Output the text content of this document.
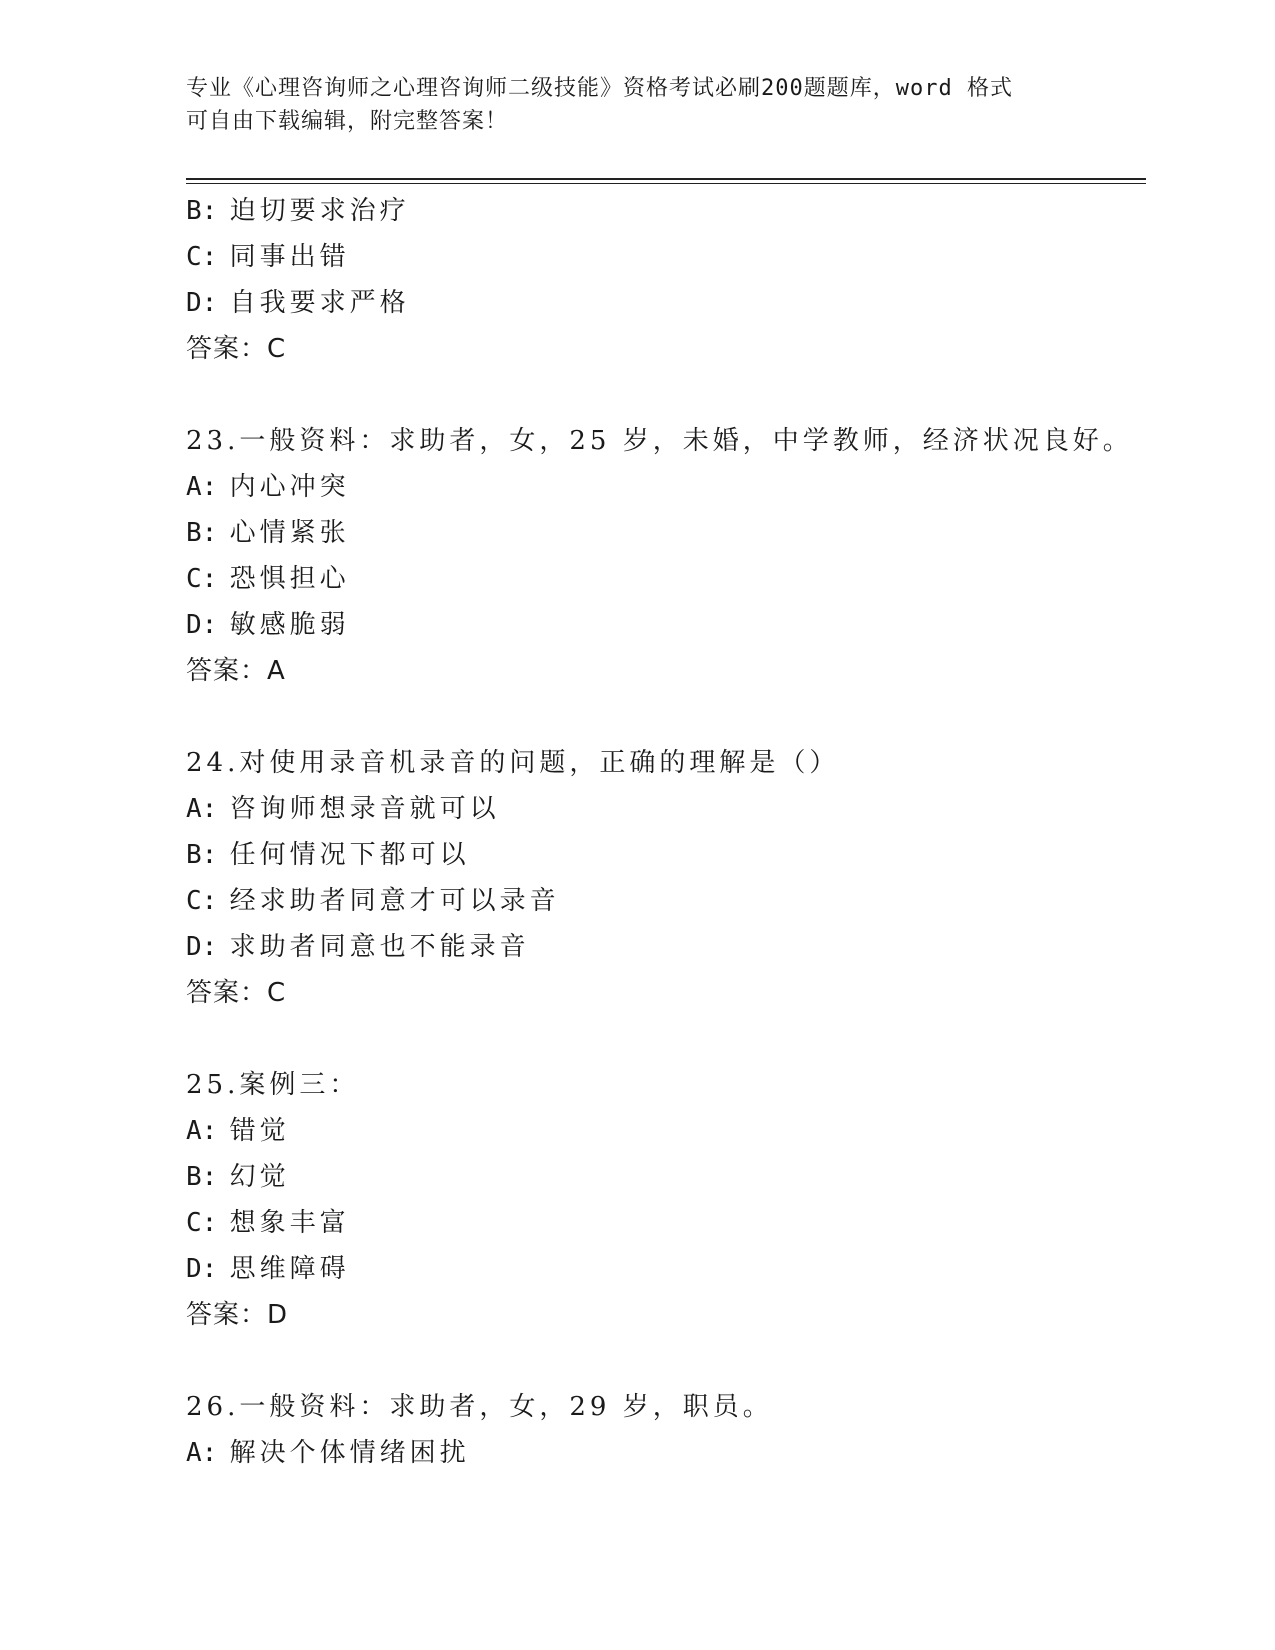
专业《心理咨询师之心理咨询师二级技能》资格考试必刷200题题库，word 格式
可自由下载编辑，附完整答案！
B: 迫切要求治疗
C: 同事出错
D: 自我要求严格
答案：C
23.一般资料：求助者，女，25 岁，未婚，中学教师，经济状况良好。
A: 内心冲突
B: 心情紧张
C: 恐惧担心
D: 敏感脆弱
答案：A
24.对使用录音机录音的问题，正确的理解是（）
A: 咨询师想录音就可以
B: 任何情况下都可以
C: 经求助者同意才可以录音
D: 求助者同意也不能录音
答案：C
25.案例三：
A: 错觉
B: 幻觉
C: 想象丰富
D: 思维障碍
答案：D
26.一般资料：求助者，女，29 岁，职员。
A: 解决个体情绪困扰
